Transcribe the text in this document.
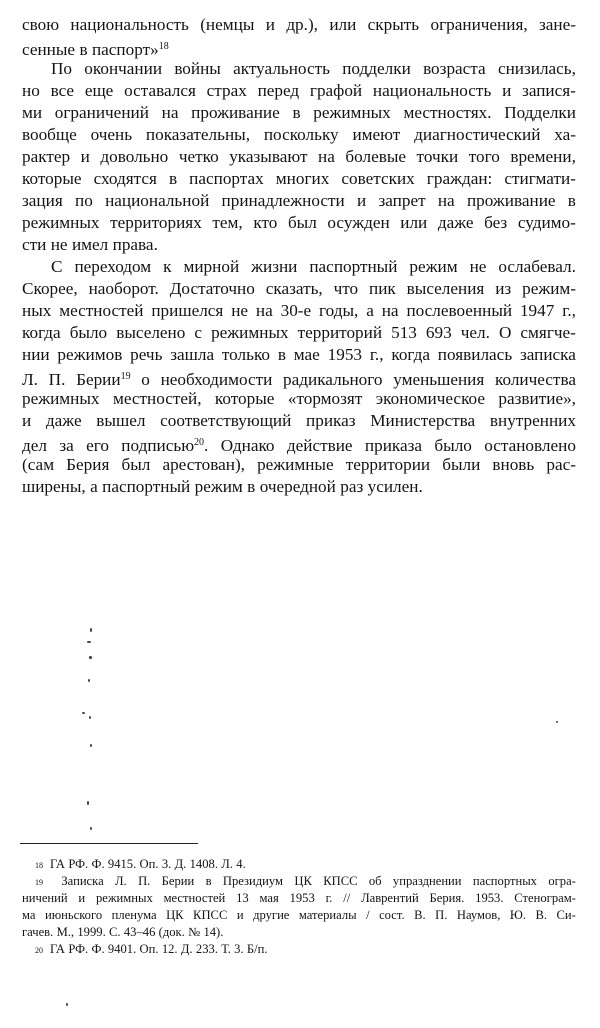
свою национальность (немцы и др.), или скрыть ограничения, зане-
сенные в паспорт»$^{18}$
По окончании войны актуальность подделки возраста снизилась,
но все еще оставался страх перед графой национальность и запися-
ми ограничений на проживание в режимных местностях. Подделки
вообще очень показательны, поскольку имеют диагностический ха-
рактер и довольно четко указывают на болевые точки того времени,
которые сходятся в паспортах многих советских граждан: стигмати-
зация по национальной принадлежности и запрет на проживание в
режимных территориях тем, кто был осужден или даже без судимо-
сти не имел права.
С переходом к мирной жизни паспортный режим не ослабевал.
Скорее, наоборот. Достаточно сказать, что пик выселения из режим-
ных местностей пришелся не на 30-е годы, а на послевоенный 1947 г.,
когда было выселено с режимных территорий 513 693 чел. О смягче-
нии режимов речь зашла только в мае 1953 г., когда появилась записка
Л. П. Берии$^{19}$ о необходимости радикального уменьшения количества
режимных местностей, которые «тормозят экономическое развитие»,
и даже вышел соответствующий приказ Министерства внутренних
дел за его подписью$^{20}$. Однако действие приказа было остановлено
(сам Берия был арестован), режимные территории были вновь рас-
ширены, а паспортный режим в очередной раз усилен.
18 ГА РФ. Ф. 9415. Оп. 3. Д. 1408. Л. 4.
19 Записка Л. П. Берии в Президиум ЦК КПСС об упразднении паспортных огра-
ничений и режимных местностей 13 мая 1953 г. // Лаврентий Берия. 1953. Стенограм-
ма июньского пленума ЦК КПСС и другие материалы / сост. В. П. Наумов, Ю. В. Си-
гачев. М., 1999. С. 43–46 (док. № 14).
20 ГА РФ. Ф. 9401. Оп. 12. Д. 233. Т. 3. Б/п.
